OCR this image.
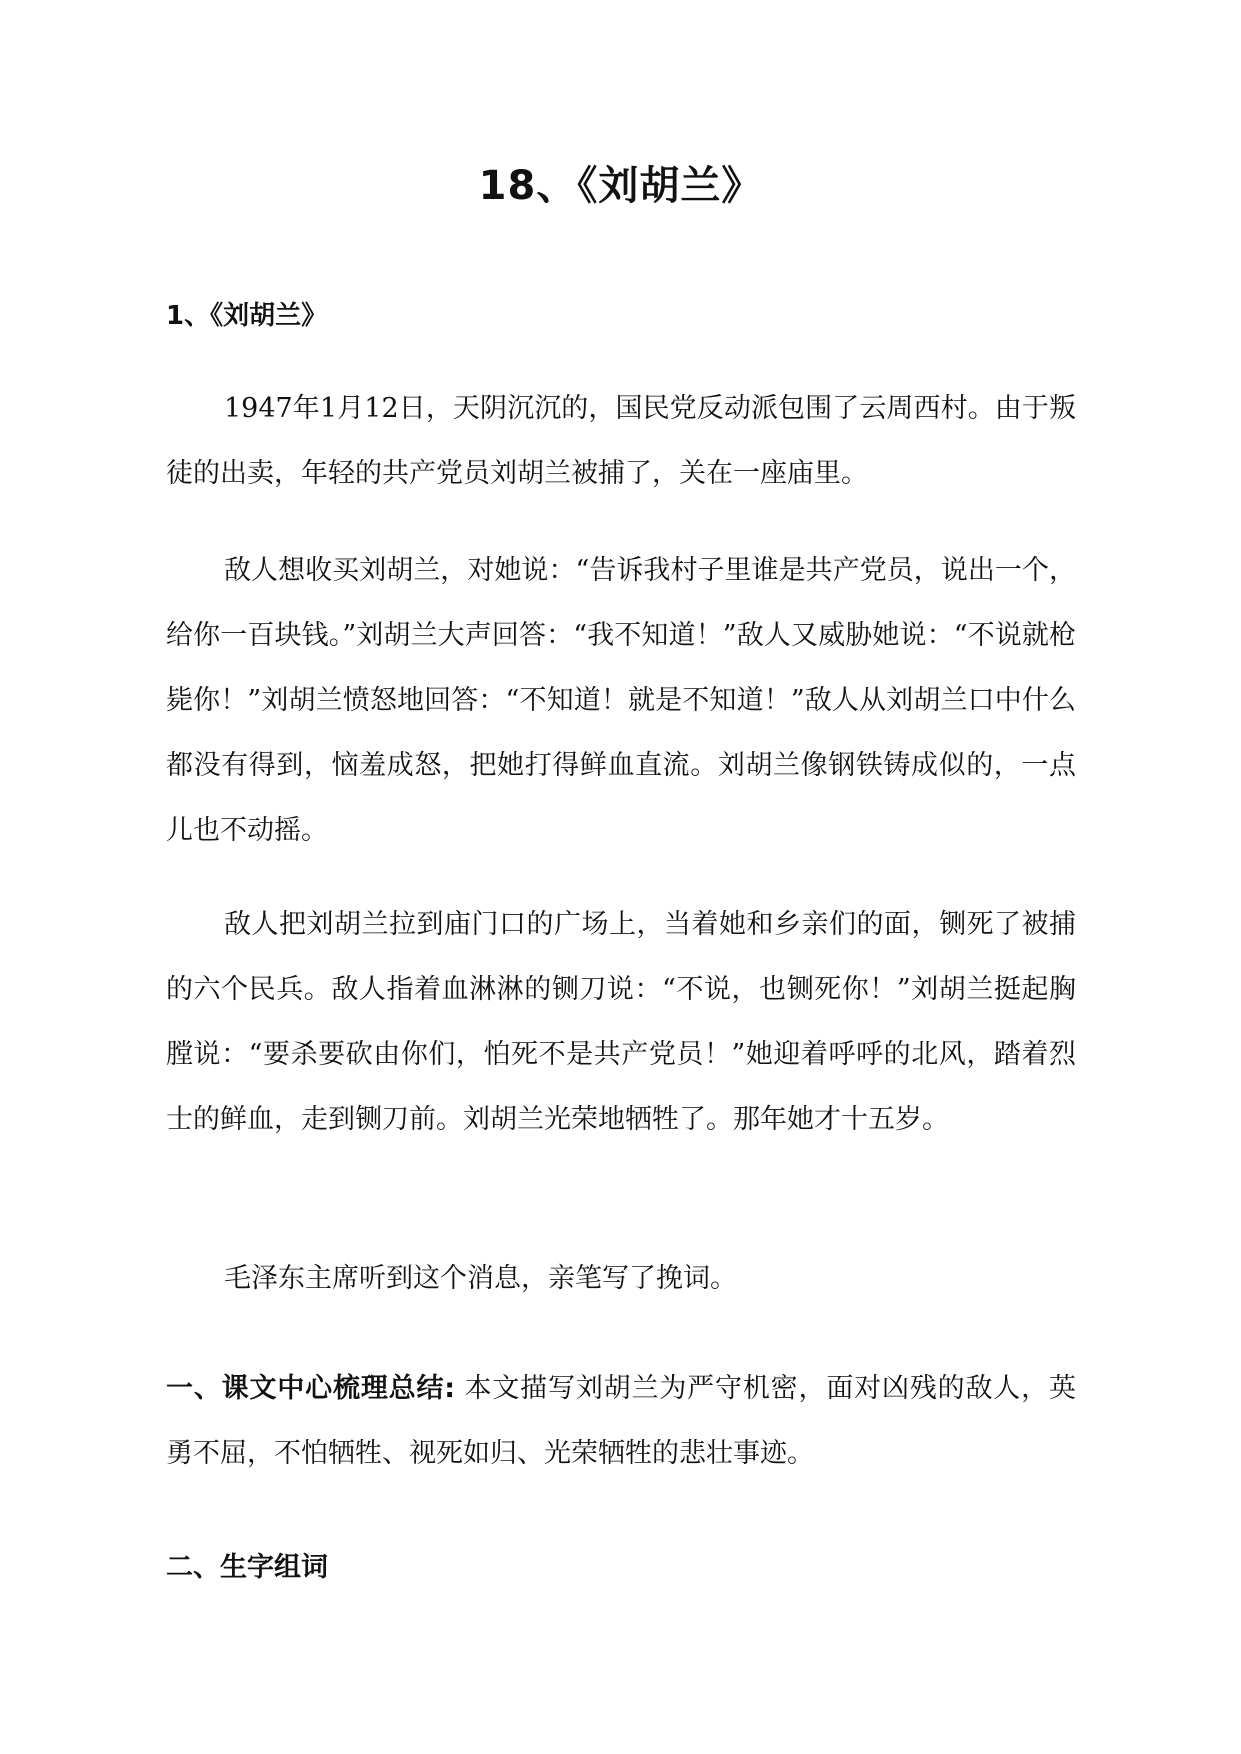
18、《刘胡兰》
1、《刘胡兰》

1947年1月12日，天阴沉沉的，国民党反动派包围了云周西村。由于叛徒的出卖，年轻的共产党员刘胡兰被捕了，关在一座庙里。

敌人想收买刘胡兰，对她说：“告诉我村子里谁是共产党员，说出一个，给你一百块钱。”刘胡兰大声回答：“我不知道！”敌人又威胁她说：“不说就枪毙你！”刘胡兰愤怒地回答：“不知道！就是不知道！”敌人从刘胡兰口中什么都没有得到，恼羞成怒，把她打得鲜血直流。刘胡兰像钢铁铸成似的，一点儿也不动摇。

敌人把刘胡兰拉到庙门口的广场上，当着她和乡亲们的面，铡死了被捕的六个民兵。敌人指着血淋淋的铡刀说：“不说，也铡死你！”刘胡兰挺起胸膛说：“要杀要砍由你们，怕死不是共产党员！”她迎着呼呼的北风，踏着烈士的鲜血，走到铡刀前。刘胡兰光荣地牺牲了。那年她才十五岁。

毛泽东主席听到这个消息，亲笔写了挽词。

一、课文中心梳理总结: 本文描写刘胡兰为严守机密，面对凶残的敌人，英勇不屈，不怕牺牲、视死如归、光荣牺牲的悲壮事迹。

二、生字组词
